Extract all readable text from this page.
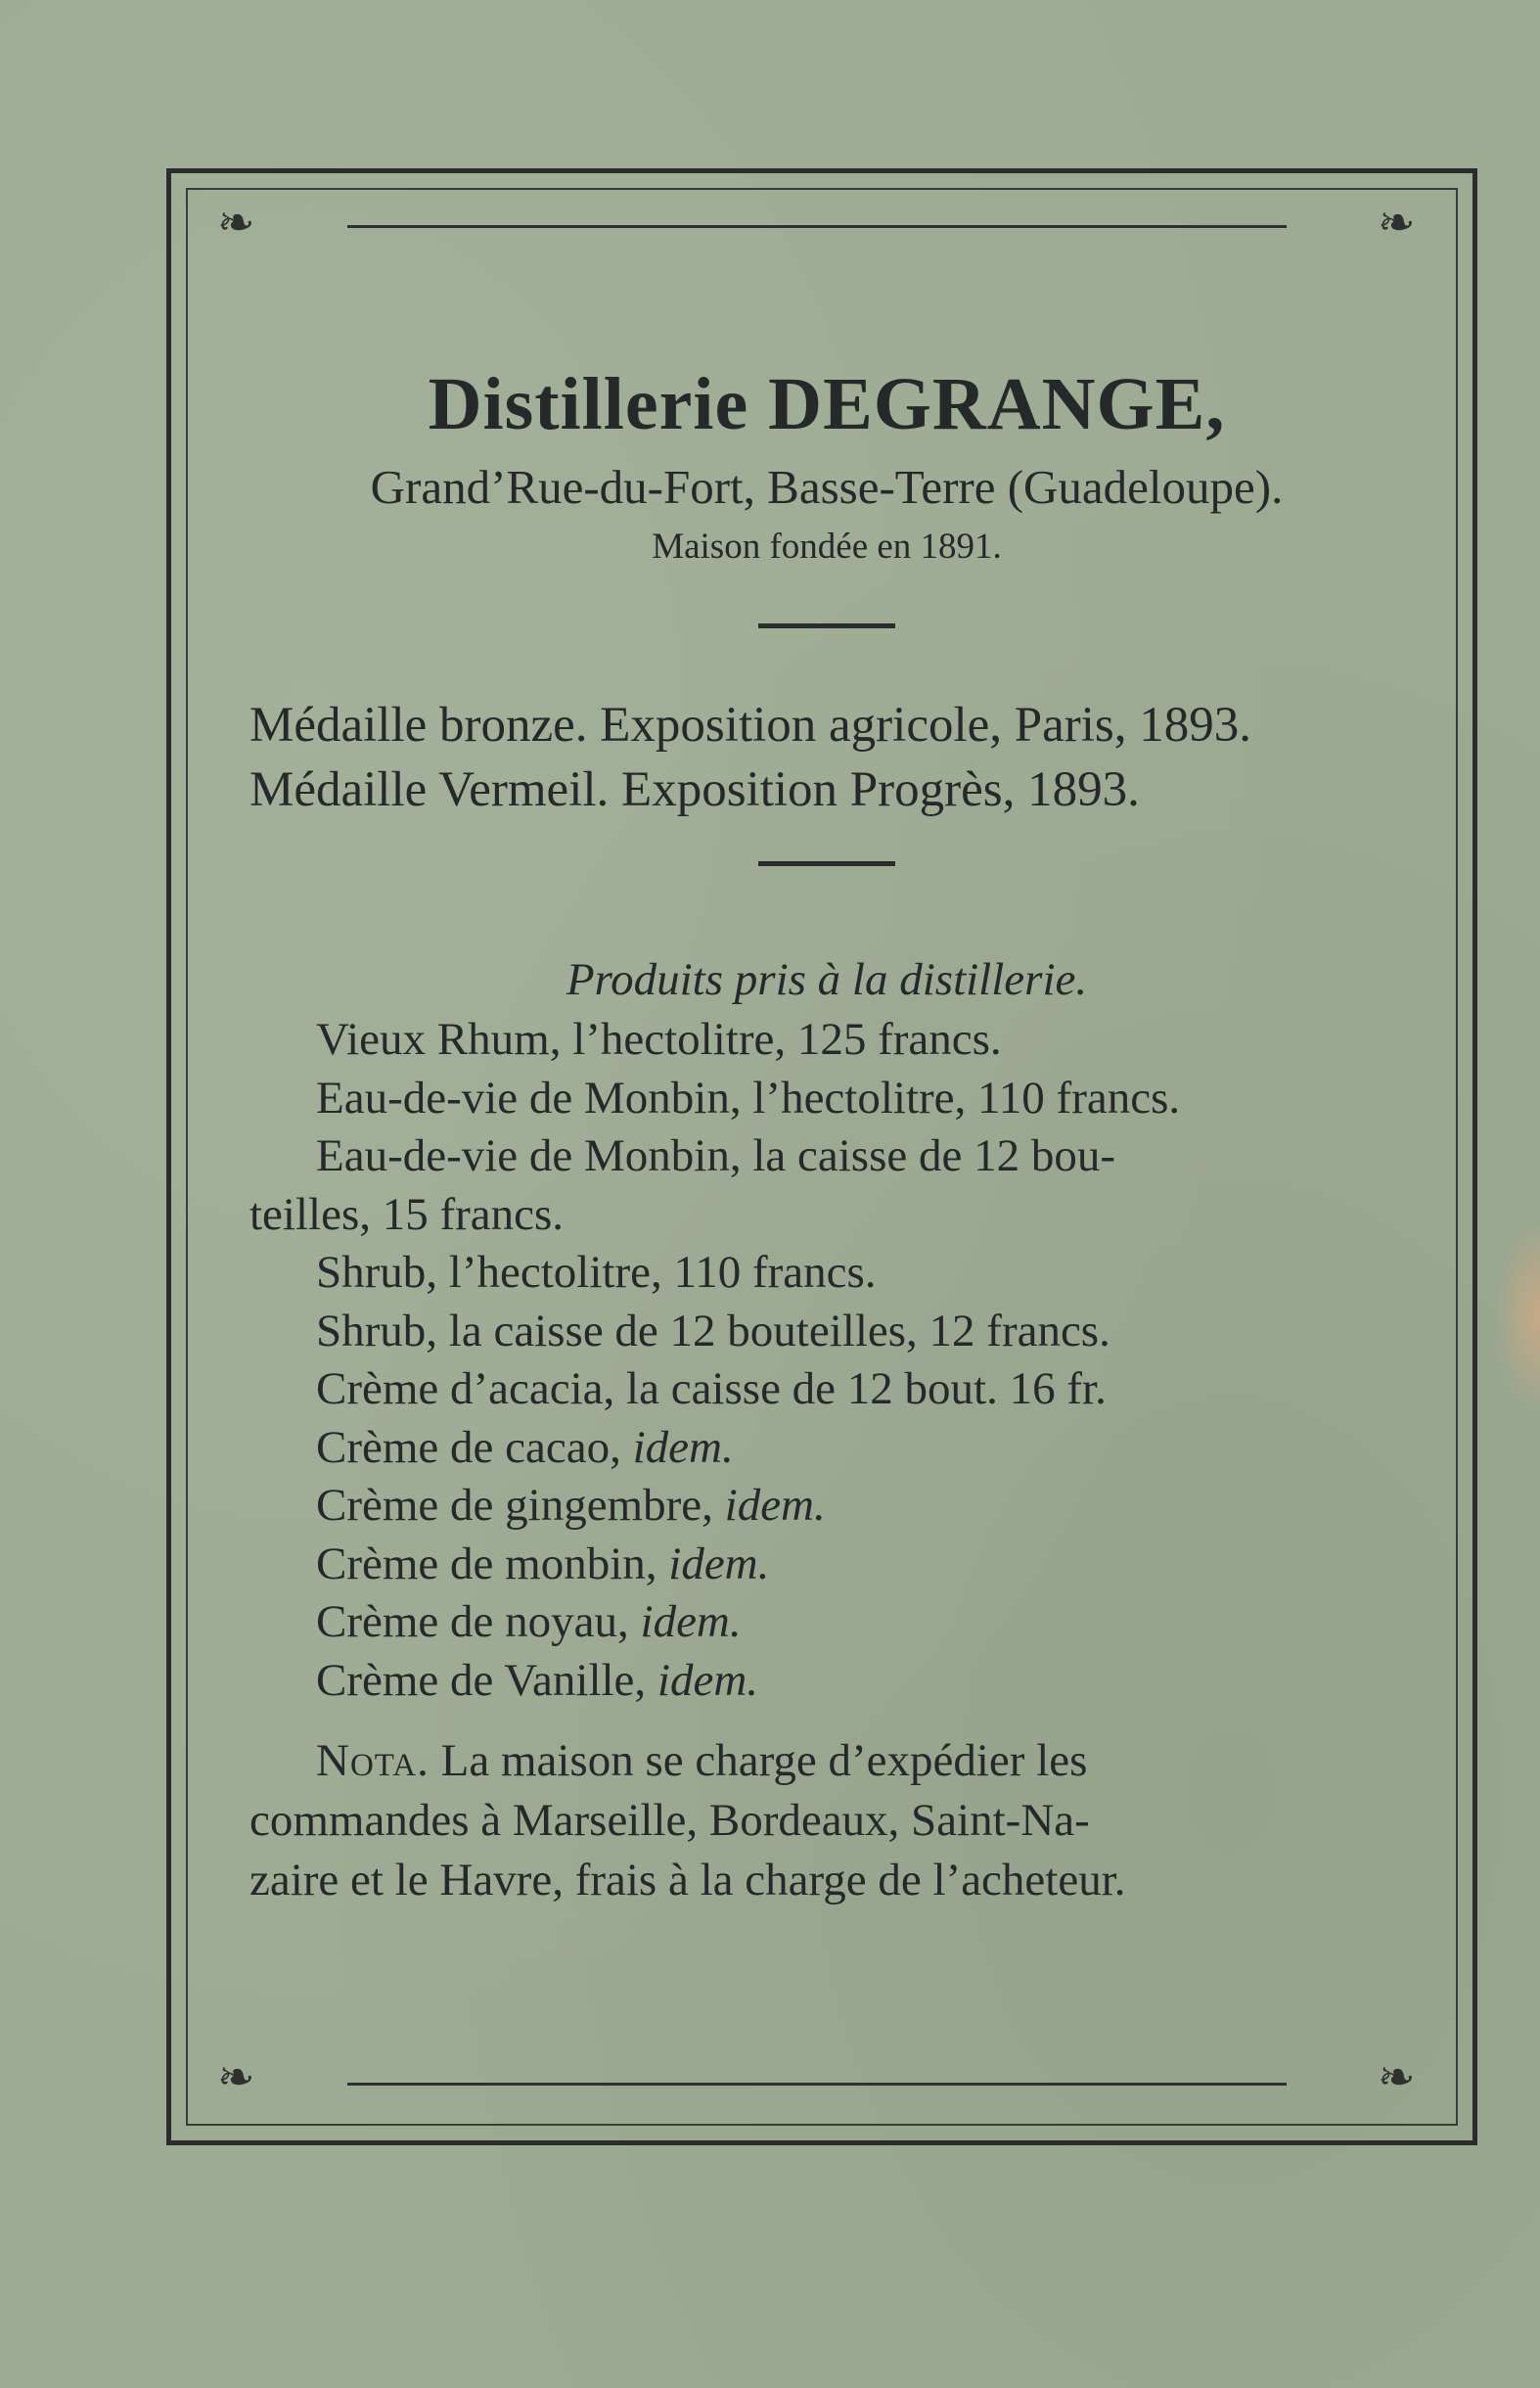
❧	❧
❧	❧
Distillerie DEGRANGE,
Grand’Rue-du-Fort, Basse-Terre (Guadeloupe).
Maison fondée en 1891.
Médaille bronze. Exposition agricole, Paris, 1893.
Médaille Vermeil. Exposition Progrès, 1893.
Produits pris à la distillerie.
Vieux Rhum, l’hectolitre, 125 francs.
Eau-de-vie de Monbin, l’hectolitre, 110 francs.
Eau-de-vie de Monbin, la caisse de 12 bou-
teilles, 15 francs.
Shrub, l’hectolitre, 110 francs.
Shrub, la caisse de 12 bouteilles, 12 francs.
Crème d’acacia, la caisse de 12 bout. 16 fr.
Crème de cacao, idem.
Crème de gingembre, idem.
Crème de monbin, idem.
Crème de noyau, idem.
Crème de Vanille, idem.
Nota. La maison se charge d’expédier les
commandes à Marseille, Bordeaux, Saint-Na-
zaire et le Havre, frais à la charge de l’acheteur.
